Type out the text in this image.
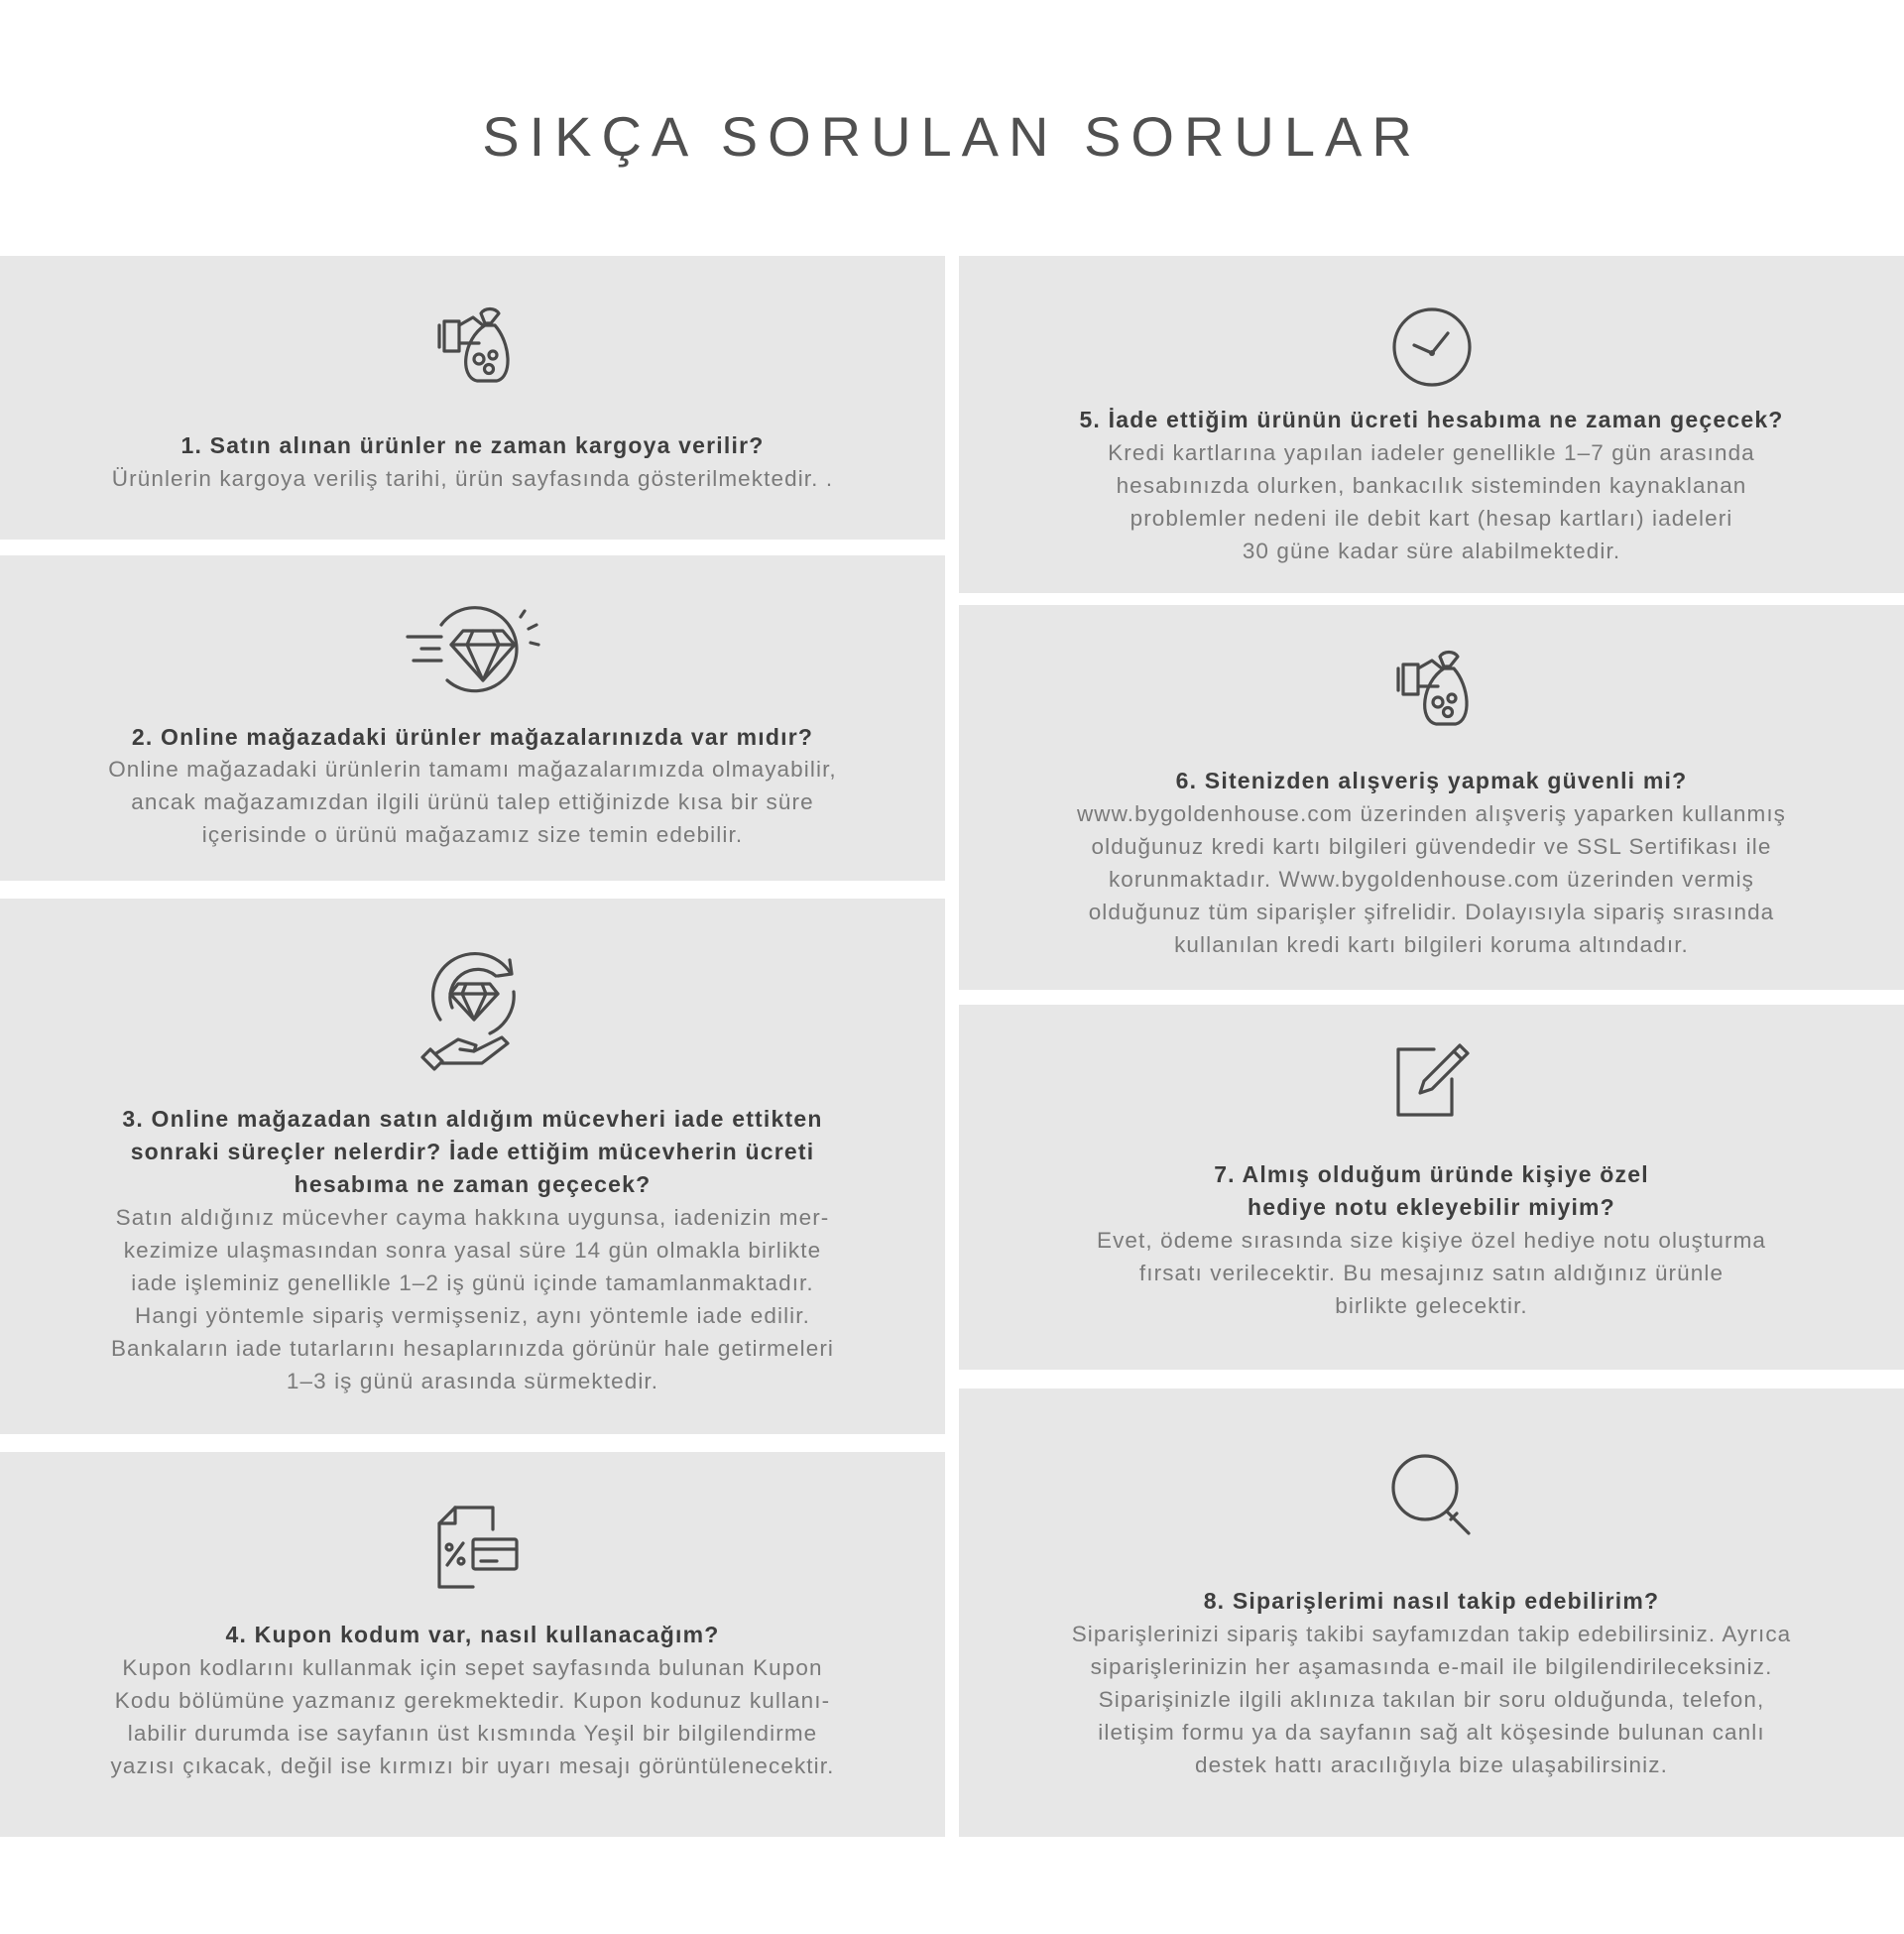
SIKÇA SORULAN SORULAR
1. Satın alınan ürünler ne zaman kargoya verilir?
Ürünlerin kargoya veriliş tarihi, ürün sayfasında gösterilmektedir. .
2. Online mağazadaki ürünler mağazalarınızda var mıdır?
Online mağazadaki ürünlerin tamamı mağazalarımızda olmayabilir,
ancak mağazamızdan ilgili ürünü talep ettiğinizde kısa bir süre
içerisinde o ürünü mağazamız size temin edebilir.
3. Online mağazadan satın aldığım mücevheri iade ettikten
sonraki süreçler nelerdir? İade ettiğim mücevherin ücreti
hesabıma ne zaman geçecek?
Satın aldığınız mücevher cayma hakkına uygunsa, iadenizin mer-
kezimize ulaşmasından sonra yasal süre 14 gün olmakla birlikte
iade işleminiz genellikle 1–2 iş günü içinde tamamlanmaktadır.
Hangi yöntemle sipariş vermişseniz, aynı yöntemle iade edilir.
Bankaların iade tutarlarını hesaplarınızda görünür hale getirmeleri
1–3 iş günü arasında sürmektedir.
4. Kupon kodum var, nasıl kullanacağım?
Kupon kodlarını kullanmak için sepet sayfasında bulunan Kupon
Kodu bölümüne yazmanız gerekmektedir. Kupon kodunuz kullanı-
labilir durumda ise sayfanın üst kısmında Yeşil bir bilgilendirme
yazısı çıkacak, değil ise kırmızı bir uyarı mesajı görüntülenecektir.
5. İade ettiğim ürünün ücreti hesabıma ne zaman geçecek?
Kredi kartlarına yapılan iadeler genellikle 1–7 gün arasında
hesabınızda olurken, bankacılık sisteminden kaynaklanan
problemler nedeni ile debit kart (hesap kartları) iadeleri
30 güne kadar süre alabilmektedir.
6. Sitenizden alışveriş yapmak güvenli mi?
www.bygoldenhouse.com üzerinden alışveriş yaparken kullanmış
olduğunuz kredi kartı bilgileri güvendedir ve SSL Sertifikası ile
korunmaktadır. Www.bygoldenhouse.com üzerinden vermiş
olduğunuz tüm siparişler şifrelidir. Dolayısıyla sipariş sırasında
kullanılan kredi kartı bilgileri koruma altındadır.
7. Almış olduğum üründe kişiye özel
hediye notu ekleyebilir miyim?
Evet, ödeme sırasında size kişiye özel hediye notu oluşturma
fırsatı verilecektir. Bu mesajınız satın aldığınız ürünle
birlikte gelecektir.
8. Siparişlerimi nasıl takip edebilirim?
Siparişlerinizi sipariş takibi sayfamızdan takip edebilirsiniz. Ayrıca
siparişlerinizin her aşamasında e-mail ile bilgilendirileceksiniz.
Siparişinizle ilgili aklınıza takılan bir soru olduğunda, telefon,
iletişim formu ya da sayfanın sağ alt köşesinde bulunan canlı
destek hattı aracılığıyla bize ulaşabilirsiniz.
